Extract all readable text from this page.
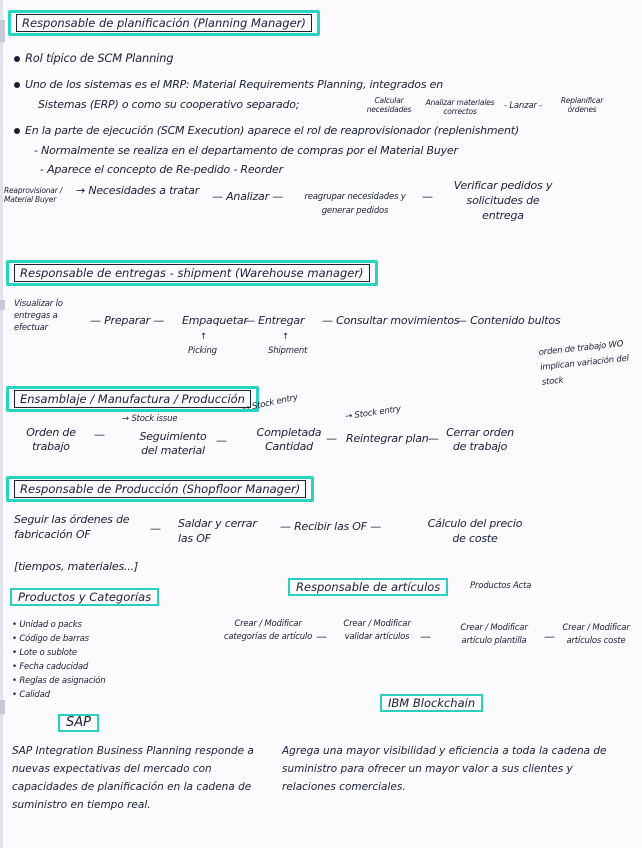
Responsable de planificación (Planning Manager)
Rol típico de SCM Planning
Uno de los sistemas es el MRP: Material Requirements Planning, integrados en
Sistemas (ERP) o como su cooperativo separado;	Calcular necesidades
Analizar materiales correctos
- Lanzar -
Replanificar órdenes
En la parte de ejecución (SCM Execution) aparece el rol de reaprovisionador (replenishment)
- Normalmente se realiza en el departamento de compras por el Material Buyer
- Aparece el concepto de Re-pedido - Reorder
Reaprovisionar / Material Buyer
→ Necesidades a tratar — Analizar —	reagrupar necesidades y generar pedidos
—
Verificar pedidos y solicitudes de entrega
Responsable de entregas - shipment (Warehouse manager)
Visualizar lo entregas a efectuar
— Preparar — Empaquetar
↑
Picking
— Entregar
↑
Shipment
— Consultar movimientos
— Contenido bultos
orden de trabajo WO implican variación del stock
Ensamblaje / Manufactura / Producción
Orden de trabajo
—
→ Stock issue
Seguimiento del material
—
→ Stock entry
Completada Cantidad
—
→ Stock entry
Reintegrar plan — Cerrar orden de trabajo
Responsable de Producción (Shopfloor Manager)
Seguir las órdenes de fabricación OF
[tiempos, materiales...]
— Saldar y cerrar las OF
— Recibir las OF —	Cálculo del precio de coste
Productos y Categorías
• Unidad o packs
• Código de barras
• Lote o sublote
• Fecha caducidad
• Reglas de asignación
• Calidad
Responsable de artículos	Productos Acta
Crear / Modificar categorías de artículo —
Crear / Modificar validar artículos —
Crear / Modificar artículo plantilla	—
Crear / Modificar artículos coste
SAP
SAP Integration Business Planning responde a nuevas expectativas del mercado con capacidades de planificación en la cadena de suministro en tiempo real.
IBM Blockchain
Agrega una mayor visibilidad y eficiencia a toda la cadena de suministro para ofrecer un mayor valor a sus clientes y relaciones comerciales.
